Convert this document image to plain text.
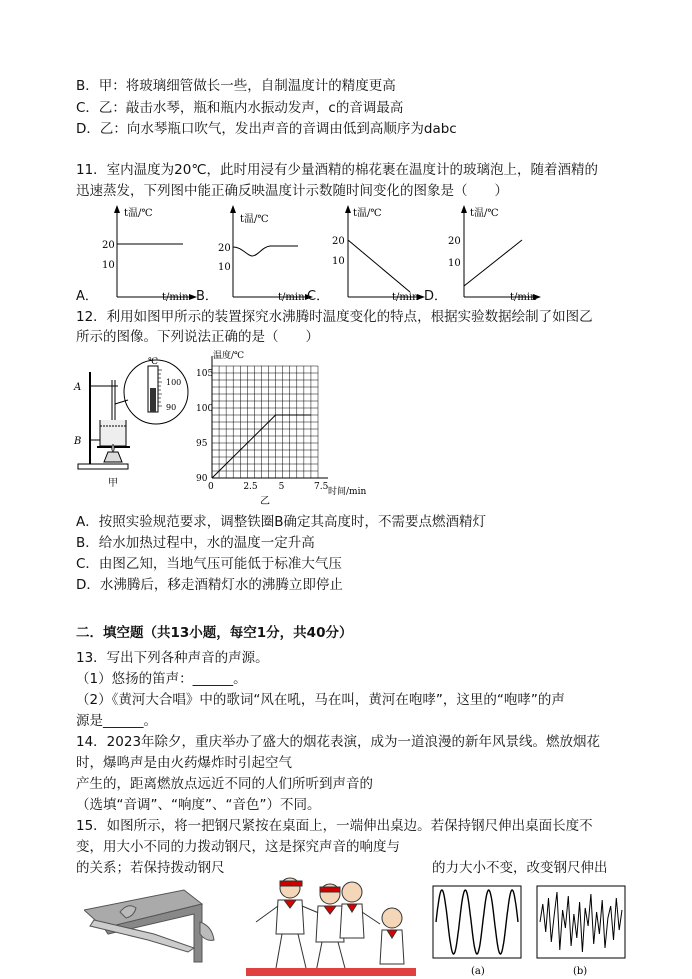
B．甲：将玻璃细管做长一些，自制温度计的精度更高
C．乙：敲击水琴，瓶和瓶内水振动发声，c的音调最高
D．乙：向水琴瓶口吹气，发出声音的音调由低到高顺序为dabc
11．室内温度为20℃，此时用浸有少量酒精的棉花裹在温度计的玻璃泡上，随着酒精的
迅速蒸发，下列图中能正确反映温度计示数随时间变化的图象是（　　）
t温/℃
20
10
t/min
t温/℃
20
10
t/min
t温/℃
20
10
t/min
t温/℃
20
10
t/min
A．	B．	C．	D．
12．利用如图甲所示的装置探究水沸腾时温度变化的特点，根据实验数据绘制了如图乙
所示的图像。下列说法正确的是（　　）
A
B
℃
100
90
甲	0	2.5 5	7.5
90
95
100
105
温度/℃
时间/min
乙
A．按照实验规范要求，调整铁圈B确定其高度时，不需要点燃酒精灯
B．给水加热过程中，水的温度一定升高
C．由图乙知，当地气压可能低于标准大气压
D．水沸腾后，移走酒精灯水的沸腾立即停止
二．填空题（共13小题，每空1分，共40分）
13．写出下列各种声音的声源。
（1）悠扬的笛声：______。
（2）《黄河大合唱》中的歌词“风在吼，马在叫，黄河在咆哮”，这里的“咆哮”的声
源是______。
14．2023年除夕，重庆举办了盛大的烟花表演，成为一道浪漫的新年风景线。燃放烟花
时，爆鸣声是由火药爆炸时引起空气
产生的，距离燃放点远近不同的人们所听到声音的
（选填“音调”、“响度”、“音色”）不同。
15．如图所示，将一把钢尺紧按在桌面上，一端伸出桌边。若保持钢尺伸出桌面长度不
变，用大小不同的力拨动钢尺，这是探究声音的响度与
的关系；若保持拨动钢尺	的力大小不变，改变钢尺伸出
(a)	(b)
